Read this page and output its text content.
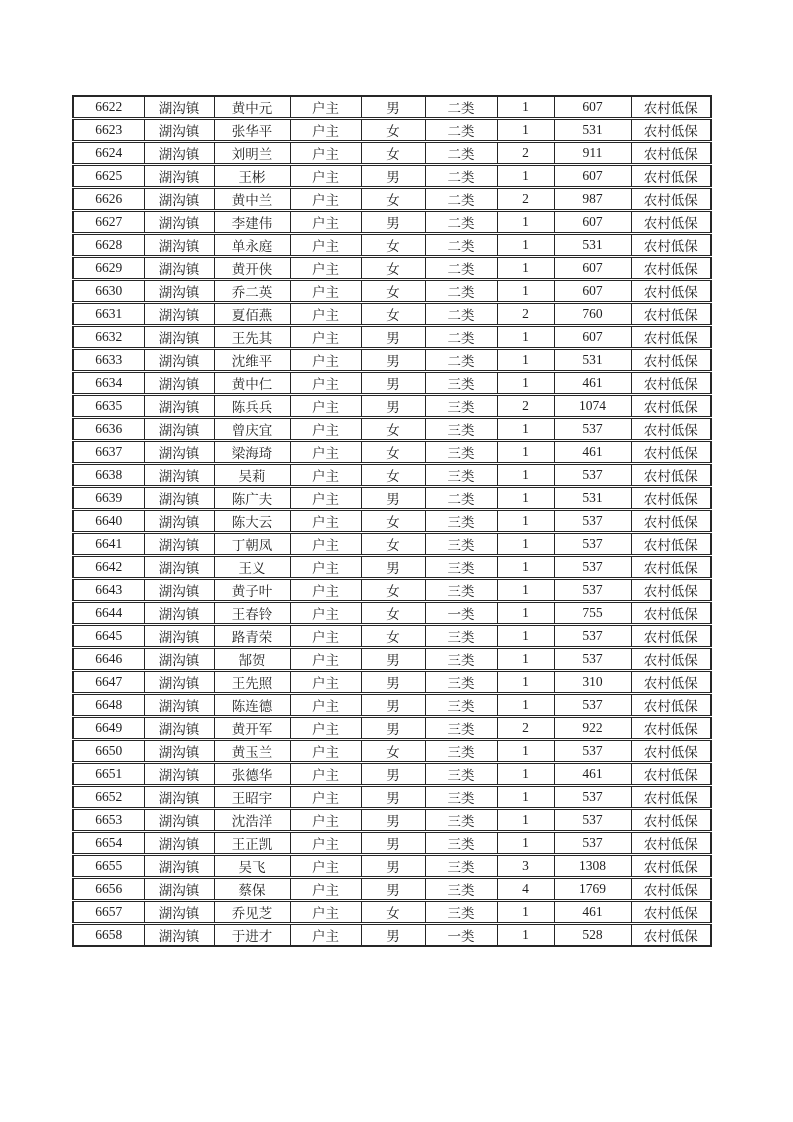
6622	湖沟镇	黄中元	户主	男	二类	1	607	农村低保
6623	湖沟镇	张华平	户主	女	二类	1	531	农村低保
6624	湖沟镇	刘明兰	户主	女	二类	2	911	农村低保
6625	湖沟镇	王彬	户主	男	二类	1	607	农村低保
6626	湖沟镇	黄中兰	户主	女	二类	2	987	农村低保
6627	湖沟镇	李建伟	户主	男	二类	1	607	农村低保
6628	湖沟镇	单永庭	户主	女	二类	1	531	农村低保
6629	湖沟镇	黄开侠	户主	女	二类	1	607	农村低保
6630	湖沟镇	乔二英	户主	女	二类	1	607	农村低保
6631	湖沟镇	夏佰燕	户主	女	二类	2	760	农村低保
6632	湖沟镇	王先其	户主	男	二类	1	607	农村低保
6633	湖沟镇	沈维平	户主	男	二类	1	531	农村低保
6634	湖沟镇	黄中仁	户主	男	三类	1	461	农村低保
6635	湖沟镇	陈兵兵	户主	男	三类	2	1074	农村低保
6636	湖沟镇	曾庆宜	户主	女	三类	1	537	农村低保
6637	湖沟镇	梁海琦	户主	女	三类	1	461	农村低保
6638	湖沟镇	吴莉	户主	女	三类	1	537	农村低保
6639	湖沟镇	陈广夫	户主	男	二类	1	531	农村低保
6640	湖沟镇	陈大云	户主	女	三类	1	537	农村低保
6641	湖沟镇	丁朝凤	户主	女	三类	1	537	农村低保
6642	湖沟镇	王义	户主	男	三类	1	537	农村低保
6643	湖沟镇	黄子叶	户主	女	三类	1	537	农村低保
6644	湖沟镇	王春铃	户主	女	一类	1	755	农村低保
6645	湖沟镇	路青荣	户主	女	三类	1	537	农村低保
6646	湖沟镇	郜贺	户主	男	三类	1	537	农村低保
6647	湖沟镇	王先照	户主	男	三类	1	310	农村低保
6648	湖沟镇	陈连德	户主	男	三类	1	537	农村低保
6649	湖沟镇	黄开军	户主	男	三类	2	922	农村低保
6650	湖沟镇	黄玉兰	户主	女	三类	1	537	农村低保
6651	湖沟镇	张德华	户主	男	三类	1	461	农村低保
6652	湖沟镇	王昭宇	户主	男	三类	1	537	农村低保
6653	湖沟镇	沈浩洋	户主	男	三类	1	537	农村低保
6654	湖沟镇	王正凯	户主	男	三类	1	537	农村低保
6655	湖沟镇	吴飞	户主	男	三类	3	1308	农村低保
6656	湖沟镇	蔡保	户主	男	三类	4	1769	农村低保
6657	湖沟镇	乔见芝	户主	女	三类	1	461	农村低保
6658	湖沟镇	于进才	户主	男	一类	1	528	农村低保
